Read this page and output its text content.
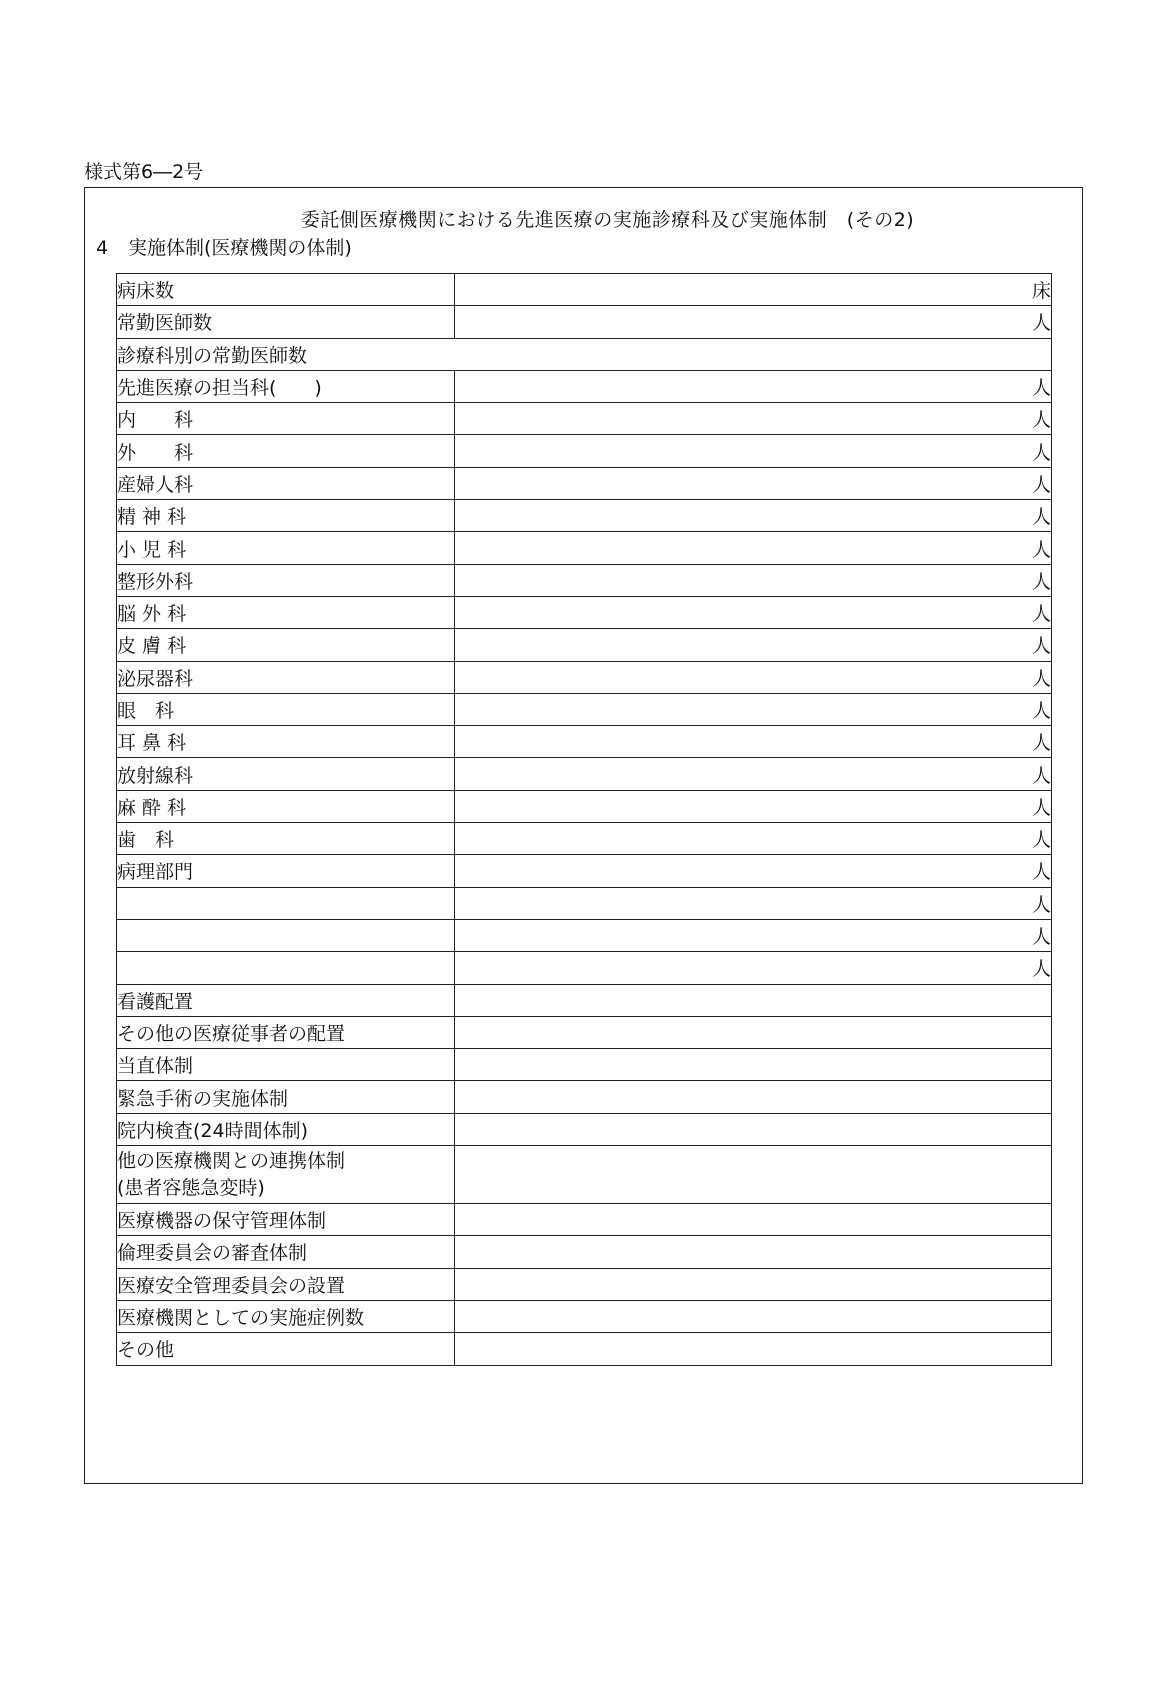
様式第6―2号
委託側医療機関における先進医療の実施診療科及び実施体制　(その2)
4 実施体制(医療機関の体制)
病床数	床
常勤医師数	人
診療科別の常勤医師数	
先進医療の担当科(　　)	人
内　　科	人
外　　科	人
産婦人科	人
精 神 科	人
小 児 科	人
整形外科	人
脳 外 科	人
皮 膚 科	人
泌尿器科	人
眼　科	人
耳 鼻 科	人
放射線科	人
麻 酔 科	人
歯　科	人
病理部門	人
	人
	人
	人
看護配置	
その他の医療従事者の配置	
当直体制	
緊急手術の実施体制	
院内検査(24時間体制)	

他の医療機関との連携体制
(患者容態急変時)	

医療機器の保守管理体制	
倫理委員会の審査体制	
医療安全管理委員会の設置	
医療機関としての実施症例数	
その他	
